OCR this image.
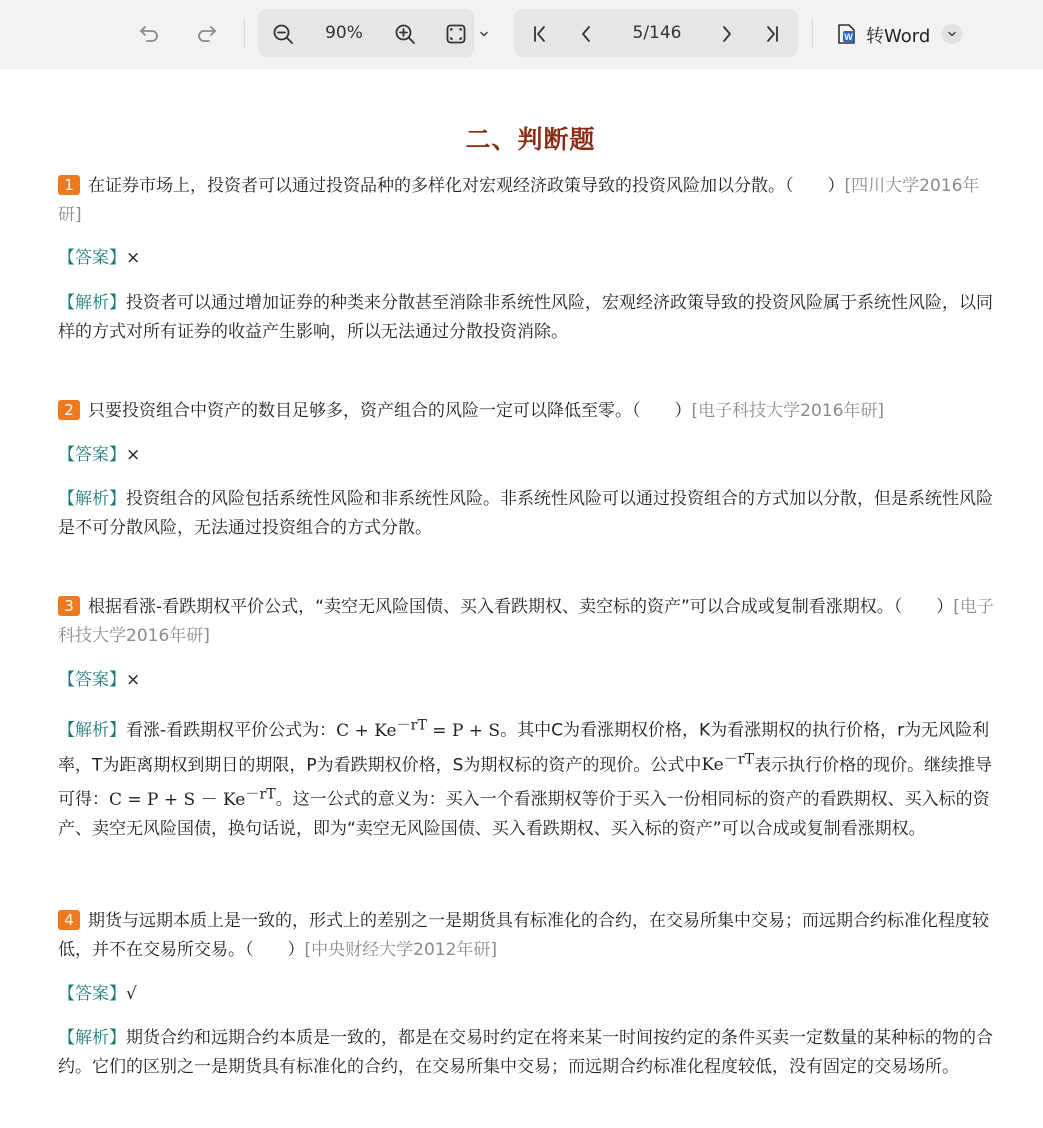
90%	5/146	W 转Word
二、判断题
1 在证券市场上，投资者可以通过投资品种的多样化对宏观经济政策导致的投资风险加以分散。（　　）[四川大学2016年研]
【答案】×
【解析】投资者可以通过增加证券的种类来分散甚至消除非系统性风险，宏观经济政策导致的投资风险属于系统性风险，以同样的方式对所有证券的收益产生影响，所以无法通过分散投资消除。
2 只要投资组合中资产的数目足够多，资产组合的风险一定可以降低至零。（　　）[电子科技大学2016年研]
【答案】×
【解析】投资组合的风险包括系统性风险和非系统性风险。非系统性风险可以通过投资组合的方式加以分散，但是系统性风险是不可分散风险，无法通过投资组合的方式分散。
3 根据看涨-看跌期权平价公式，“卖空无风险国债、买入看跌期权、卖空标的资产”可以合成或复制看涨期权。（　　）[电子科技大学2016年研]
【答案】×
【解析】看涨-看跌期权平价公式为：$C + Ke^{-rT} = P + S$。其中C为看涨期权价格，K为看涨期权的执行价格，r为无风险利率，T为距离期权到期日的期限，P为看跌期权价格，S为期权标的资产的现价。公式中$Ke^{-rT}$表示执行价格的现价。继续推导可得：$C = P + S - Ke^{-rT}$。这一公式的意义为：买入一个看涨期权等价于买入一份相同标的资产的看跌期权、买入标的资产、卖空无风险国债，换句话说，即为“卖空无风险国债、买入看跌期权、买入标的资产”可以合成或复制看涨期权。
4 期货与远期本质上是一致的，形式上的差别之一是期货具有标准化的合约，在交易所集中交易；而远期合约标准化程度较低，并不在交易所交易。（　　）[中央财经大学2012年研]
【答案】√
【解析】期货合约和远期合约本质是一致的，都是在交易时约定在将来某一时间按约定的条件买卖一定数量的某种标的物的合约。它们的区别之一是期货具有标准化的合约，在交易所集中交易；而远期合约标准化程度较低，没有固定的交易场所。
